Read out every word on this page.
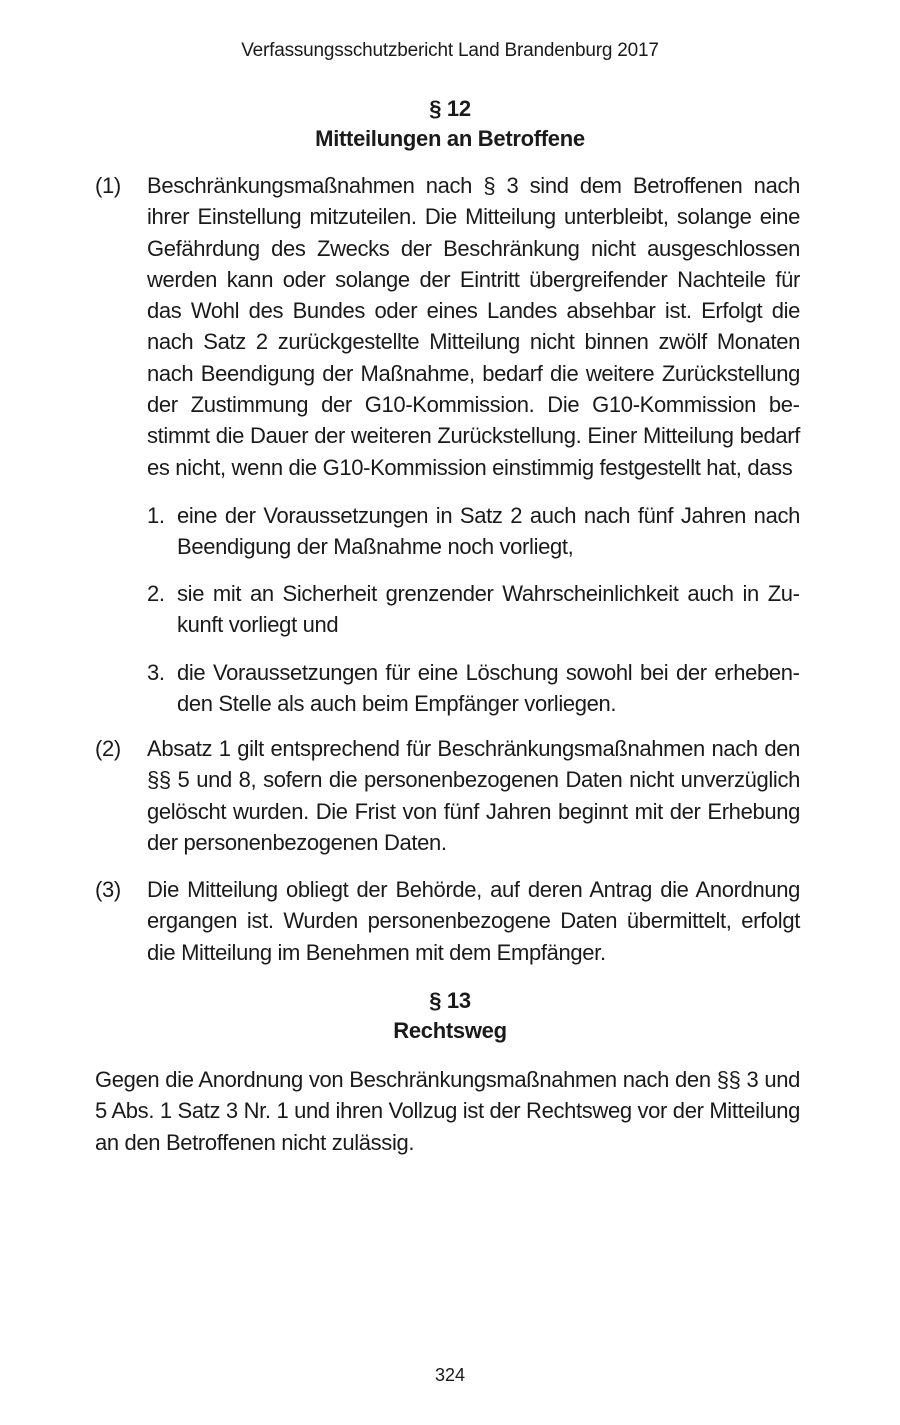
Verfassungsschutzbericht Land Brandenburg 2017
§ 12
Mitteilungen an Betroffene
(1) Beschränkungsmaßnahmen nach § 3 sind dem Betroffenen nach ihrer Einstellung mitzuteilen. Die Mitteilung unterbleibt, solange eine Gefährdung des Zwecks der Beschränkung nicht ausgeschlossen werden kann oder solange der Eintritt übergreifender Nachteile für das Wohl des Bundes oder eines Landes absehbar ist. Erfolgt die nach Satz 2 zurückgestellte Mitteilung nicht binnen zwölf Monaten nach Beendigung der Maßnahme, bedarf die weitere Zurückstellung der Zustimmung der G10-Kommission. Die G10-Kommission bestimmt die Dauer der weiteren Zurückstellung. Einer Mitteilung bedarf es nicht, wenn die G10-Kommission einstimmig festgestellt hat, dass
1. eine der Voraussetzungen in Satz 2 auch nach fünf Jahren nach Beendigung der Maßnahme noch vorliegt,
2. sie mit an Sicherheit grenzender Wahrscheinlichkeit auch in Zukunft vorliegt und
3. die Voraussetzungen für eine Löschung sowohl bei der erhebenden Stelle als auch beim Empfänger vorliegen.
(2) Absatz 1 gilt entsprechend für Beschränkungsmaßnahmen nach den §§ 5 und 8, sofern die personenbezogenen Daten nicht unverzüglich gelöscht wurden. Die Frist von fünf Jahren beginnt mit der Erhebung der personenbezogenen Daten.
(3) Die Mitteilung obliegt der Behörde, auf deren Antrag die Anordnung ergangen ist. Wurden personenbezogene Daten übermittelt, erfolgt die Mitteilung im Benehmen mit dem Empfänger.
§ 13
Rechtsweg
Gegen die Anordnung von Beschränkungsmaßnahmen nach den §§ 3 und 5 Abs. 1 Satz 3 Nr. 1 und ihren Vollzug ist der Rechtsweg vor der Mitteilung an den Betroffenen nicht zulässig.
324
